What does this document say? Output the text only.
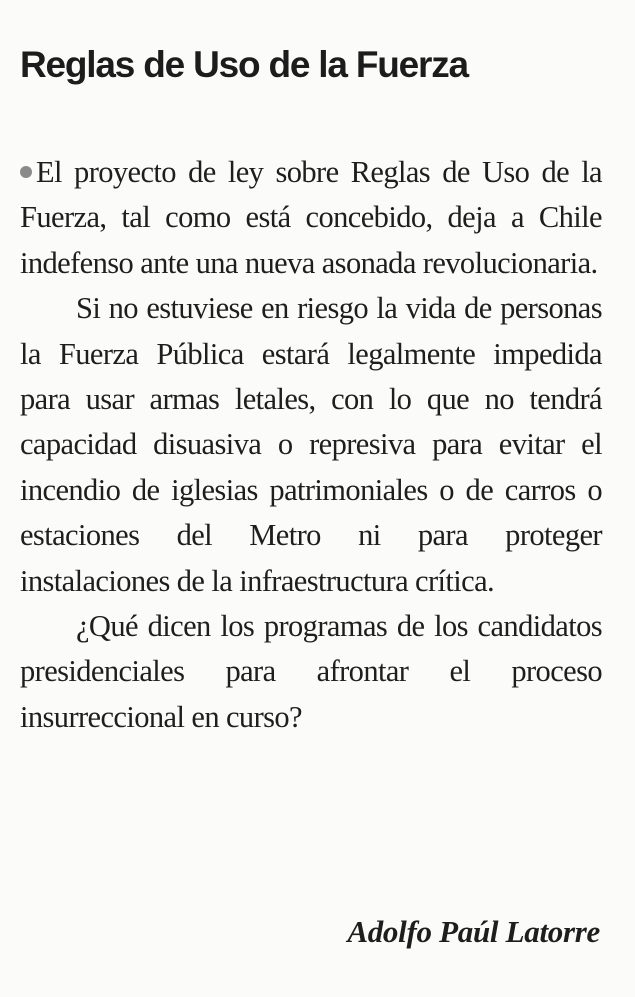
Reglas de Uso de la Fuerza

El proyecto de ley sobre Reglas de Uso de la Fuerza, tal como está concebido, deja a Chile indefenso ante una nueva asonada revolucionaria.

Si no estuviese en riesgo la vida de personas la Fuerza Pública estará legalmente impedida para usar armas letales, con lo que no tendrá capacidad disuasiva o represiva para evitar el incendio de iglesias patrimoniales o de carros o estaciones del Metro ni para proteger instalaciones de la infraestructura crítica.

¿Qué dicen los programas de los candidatos presidenciales para afrontar el proceso insurreccional en curso?

Adolfo Paúl Latorre
